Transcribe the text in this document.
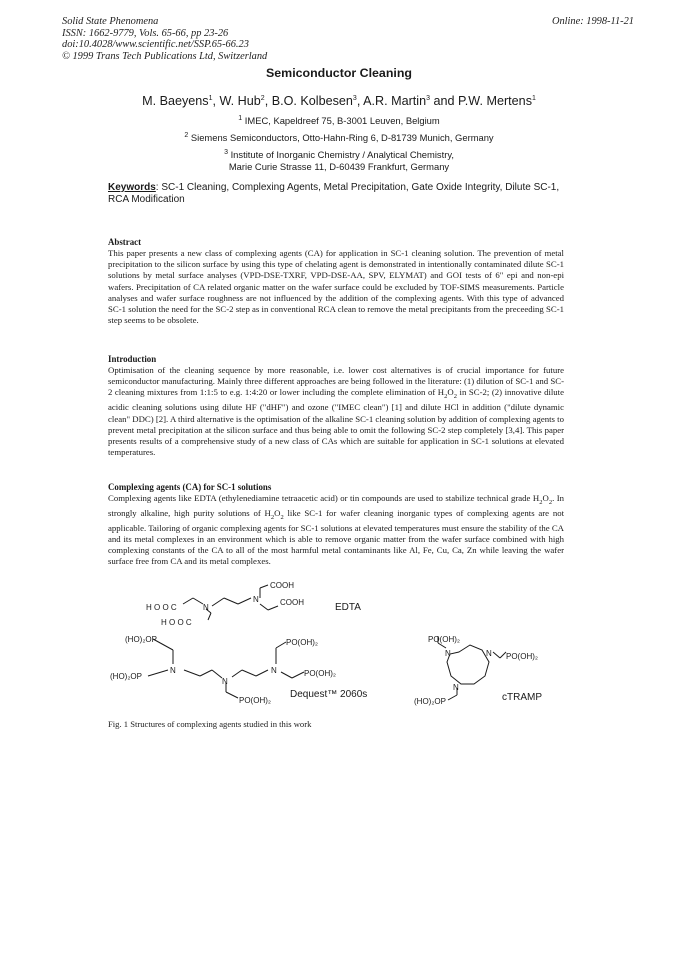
Solid State Phenomena
ISSN: 1662-9779, Vols. 65-66, pp 23-26
doi:10.4028/www.scientific.net/SSP.65-66.23
© 1999 Trans Tech Publications Ltd, Switzerland
Online: 1998-11-21
Semiconductor Cleaning
M. Baeyens$^1$, W. Hub$^2$, B.O. Kolbesen$^3$, A.R. Martin$^3$ and P.W. Mertens$^1$
$^1$ IMEC, Kapeldreef 75, B-3001 Leuven, Belgium
$^2$ Siemens Semiconductors, Otto-Hahn-Ring 6, D-81739 Munich, Germany
$^3$ Institute of Inorganic Chemistry / Analytical Chemistry,
Marie Curie Strasse 11, D-60439 Frankfurt, Germany
Keywords: SC-1 Cleaning, Complexing Agents, Metal Precipitation, Gate Oxide Integrity, Dilute SC-1, RCA Modification
Abstract
This paper presents a new class of complexing agents (CA) for application in SC-1 cleaning solution. The prevention of metal precipitation to the silicon surface by using this type of chelating agent is demonstrated in intentionally contaminated dilute SC-1 solutions by metal surface analyses (VPD-DSE-TXRF, VPD-DSE-AA, SPV, ELYMAT) and GOI tests of 6" epi and non-epi wafers. Precipitation of CA related organic matter on the wafer surface could be excluded by TOF-SIMS measurements. Particle analyses and wafer surface roughness are not influenced by the addition of the complexing agents. With this type of advanced SC-1 solution the need for the SC-2 step as in conventional RCA clean to remove the metal precipitants from the preceeding SC-1 step seems to be obsolete.
Introduction
Optimisation of the cleaning sequence by more reasonable, i.e. lower cost alternatives is of crucial importance for future semiconductor manufacturing. Mainly three different approaches are being followed in the literature: (1) dilution of SC-1 and SC-2 cleaning mixtures from 1:1:5 to e.g. 1:4:20 or lower including the complete elimination of $H_2O_2$ in SC-2; (2) innovative dilute acidic cleaning solutions using dilute HF ("dHF") and ozone ("IMEC clean") [1] and dilute HCl in addition ("dilute dynamic clean" DDC) [2]. A third alternative is the optimisation of the alkaline SC-1 cleaning solution by addition of complexing agents to prevent metal precipitation at the silicon surface and thus being able to omit the following SC-2 step completely [3,4]. This paper presents results of a comprehensive study of a new class of CAs which are suitable for application in SC-1 solutions at elevated temperatures.
Complexing agents (CA) for SC-1 solutions
Complexing agents like EDTA (ethylenediamine tetraacetic acid) or tin compounds are used to stabilize technical grade $H_2O_2$. In strongly alkaline, high purity solutions of $H_2O_2$ like SC-1 for wafer cleaning inorganic types of complexing agents are not applicable. Tailoring of organic complexing agents for SC-1 solutions at elevated temperatures must ensure the stability of the CA and its metal complexes in an environment which is able to remove organic matter from the wafer surface combined with high complexing constants of the CA to all of the most harmful metal contaminants like Al, Fe, Cu, Ca, Zn while leaving the wafer surface free from CA and its metal complexes.
H O O C	N
H O O C
N
COOH
COOH	EDTA
(HO)₂OP
(HO)₂OP
N
N
N
PO(OH)₂
PO(OH)₂
PO(OH)₂
Dequest™ 2060s
PO(OH)₂
N	N
N
PO(OH)₂
(HO)₂OP	cTRAMP
Fig. 1 Structures of complexing agents studied in this work
